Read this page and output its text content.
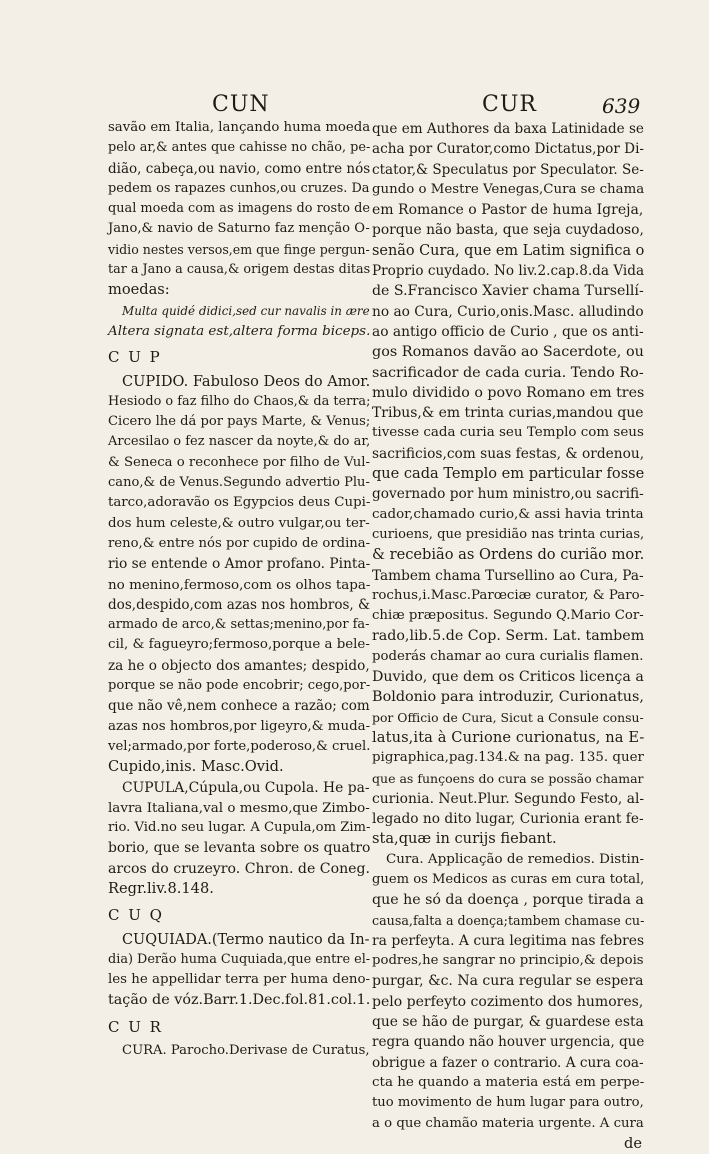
CUN	CUR	639

savão em Italia, lançando huma moeda

pelo ar,& antes que cahisse no chão, pe-

dião, cabeça,ou navio, como entre nós

pedem os rapazes cunhos,ou cruzes. Da

qual moeda com as imagens do rosto de

Jano,& navio de Saturno faz menção O-

vidio nestes versos,em que finge pergun-

tar a Jano a causa,& origem destas ditas

moedas:

Multa quidé didici,sed cur navalis in ære

Altera signata est,altera forma biceps.

C U P

CUPIDO. Fabuloso Deos do Amor.

Hesiodo o faz filho do Chaos,& da terra;

Cicero lhe dá por pays Marte, & Venus;

Arcesilao o fez nascer da noyte,& do ar,

& Seneca o reconhece por filho de Vul-

cano,& de Venus.Segundo advertio Plu-

tarco,adoravão os Egypcios deus Cupi-

dos hum celeste,& outro vulgar,ou ter-

reno,& entre nós por cupido de ordina-

rio se entende o Amor profano. Pinta-

no menino,fermoso,com os olhos tapa-

dos,despido,com azas nos hombros, &

armado de arco,& settas;menino,por fa-

cil, & fagueyro;fermoso,porque a bele-

za he o objecto dos amantes; despido,

porque se não pode encobrir; cego,por-

que não vê,nem conhece a razão; com

azas nos hombros,por ligeyro,& muda-

vel;armado,por forte,poderoso,& cruel.

Cupido,inis. Masc.Ovid.

CUPULA,Cúpula,ou Cupola. He pa-

lavra Italiana,val o mesmo,que Zimbo-

rio. Vid.no seu lugar. A Cupula,om Zim-

borio, que se levanta sobre os quatro

arcos do cruzeyro. Chron. de Coneg.

Regr.liv.8.148.

C U Q

CUQUIADA.(Termo nautico da In-

dia) Derão huma Cuquiada,que entre el-

les he appellidar terra per huma deno-

tação de vóz.Barr.1.Dec.fol.81.col.1.

C U R

CURA. Parocho.Derivase de Curatus,

que em Authores da baxa Latinidade se

acha por Curator,como Dictatus,por Di-

ctator,& Speculatus por Speculator. Se-

gundo o Mestre Venegas,Cura se chama

em Romance o Pastor de huma Igreja,

porque não basta, que seja cuydadoso,

senão Cura, que em Latim significa o

Proprio cuydado. No liv.2.cap.8.da Vida

de S.Francisco Xavier chama Tursellí-

no ao Cura, Curio,onis.Masc. alludindo

ao antigo officio de Curio , que os anti-

gos Romanos davão ao Sacerdote, ou

sacrificador de cada curia. Tendo Ro-

mulo dividido o povo Romano em tres

Tribus,& em trinta curias,mandou que

tivesse cada curia seu Templo com seus

sacrificios,com suas festas, & ordenou,

que cada Templo em particular fosse

governado por hum ministro,ou sacrifi-

cador,chamado curio,& assi havia trinta

curioens, que presidião nas trinta curias,

& recebião as Ordens do curião mor.

Tambem chama Tursellino ao Cura, Pa-

rochus,i.Masc.Parœciæ curator, & Paro-

chiæ præpositus. Segundo Q.Mario Cor-

rado,lib.5.de Cop. Serm. Lat. tambem

poderás chamar ao cura curialis flamen.

Duvido, que dem os Criticos licença a

Boldonio para introduzir, Curionatus,

por Officio de Cura, Sicut a Consule consu-

latus,ita à Curione curionatus, na E-

pigraphica,pag.134.& na pag. 135. quer

que as funçoens do cura se possão chamar

curionia. Neut.Plur. Segundo Festo, al-

legado no dito lugar, Curionia erant fe-

sta,quæ in curijs fiebant.

Cura. Applicação de remedios. Distin-

guem os Medicos as curas em cura total,

que he só da doença , porque tirada a

causa,falta a doença;tambem chamase cu-

ra perfeyta. A cura legitima nas febres

podres,he sangrar no principio,& depois

purgar, &c. Na cura regular se espera

pelo perfeyto cozimento dos humores,

que se hão de purgar, & guardese esta

regra quando não houver urgencia, que

obrigue a fazer o contrario. A cura coa-

cta he quando a materia está em perpe-

tuo movimento de hum lugar para outro,

a o que chamão materia urgente. A cura

de
